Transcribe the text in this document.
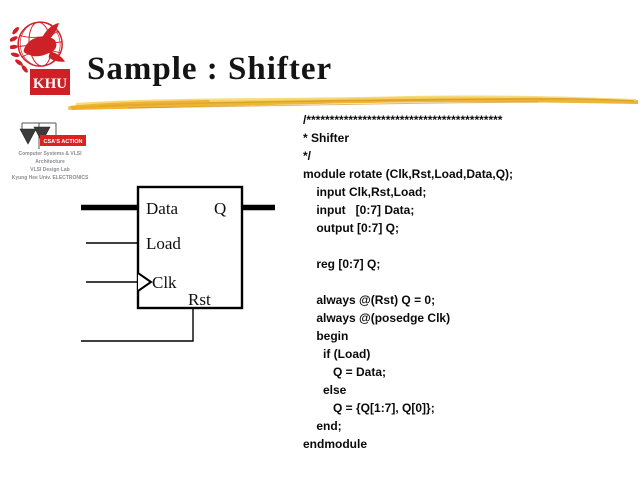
KHU Sample : Shifter
CSA'S ACTION
Computer Systems & VLSI Architecture
VLSI Design Lab
Kyung Hee Univ. ELECTRONICS
Data Q
Load
Clk
Rst
/******************************************
* Shifter
*/
module rotate (Clk,Rst,Load,Data,Q);
input Clk,Rst,Load;
input   [0:7] Data;
output [0:7] Q;

reg [0:7] Q;

always @(Rst) Q = 0;
always @(posedge Clk)
begin
if (Load)
Q = Data;
else
Q = {Q[1:7], Q[0]};
end;
endmodule
